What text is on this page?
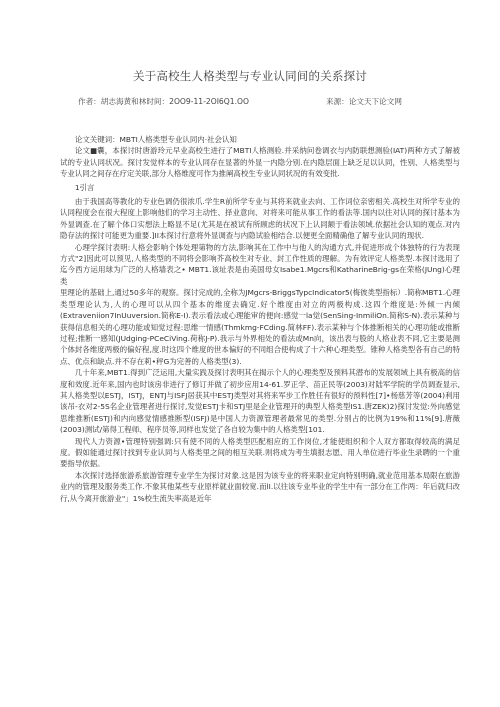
关于高校生人格类型与专业认同间的关系探讨
作者：胡志海黄和林时间：2OO9-11-2OI6Q1.OO	来源：论文天下论文网

论文关键词：MBTI人格类型专业认同内·社会认知

论文■囊，本探讨时唐游玲元早业高校生进行了MBTI人格测验.并采纳问卷调衣与内防联想测验(IAT)两种方式了解被试的专业认同状况。探讨发觉样本的专业认同存在显著的外显一内隐分别.在内隐层面上缺乏足以认同，性别、人格类型与专业认同之间存在疗定关联,部分人格维度可作为推阐高校生专业认同状况的有效变批.

1引言

由于我国高等教化的专业色调仍很浓爪.学生R前所学专业与其将来就业去向、工作词位亲密相关.高校生对所学专业的认同程度会在很大程度上影响他们的学习主动性、择业意向、对将来可能从事工作的看法等.国内以往对认同的探讨基本为外显调查.在了解个体口实想法上略显不足(尤其是在被试有所顾虑的状况下上认同额于看法领域.依据社会认知的观点.对内隐存法的探讨可能更为重要.]II本探讨行意将外显调查与内隐试验相结合.以便更全面精确他了解专业认同的现状.

心理学探讨表明:人格会影响个体处理第物的方法,影响其在工作中与他人的沟通方式,并促进形成个体独特的行为表现方式"2]因此可以预见,人格类型的不同将会影响芥高校生对专业、封工作性质的理解。为有效评定人格类型.本探讨选用了迄今西方运用球为广泛的人格墙表之• MBT1.该址表是由美国母女Isabe1.Mgcrs和KatharineBrig-gs在荣格(JUng)心理类

里理论的基础上,通过50多年的观察。探讨完成的,全称为JMgcrs-BriggsTypcIndicator5(梅彼类型指标）.简称MBT1.心理类型理论认为,人的心理可以从四个基本的维度去确定.好个维度由对立的两极构成.这四个维度是:外倾一内倾(Extraveniion7InUuversion.简称E-I).表示看法或心理能审的便向:感觉一la觉(SenSing-InmiliOn.简称S-N).表示某种与获得信息相关的心理功能或知觉过程:思维一情感(Thmkmg-FCding.简林FF).表示某种与个体推断相关的心理功能或推断过程;推断一感知(JUdging-PCeCiVing.荷称J-P).我示与外界相处的看法或Mn向，该出表与股的人格业表不同,它主要是测个体封各维度两极的偏好程,度.时这四个维度的世本偏好的不同组合使构成了十六种心理类型。锥种人格类型各有自己的特点、优点和缺点.并不存在莉•秤G为完善的人格类型(3).

几十年来,MBT1.得到广泛运用,大量实践及探讨表明其在揭示个人的心理类型及预料其潜布的发展领域上具有极高的信度和效度.近年来,国内也时该房非进行了修订并做了初步应用14-61.罗正学、苗正民等(2003)对陆军学院的学员调查显示,其人格类型以ESTJ，ISTJ，ENTJ与ISFJ居获其中ESTJ类型对其将来军步工作胜任有很好的预料性[7]•杨慈芳等(2004)利用该吊-衣对2-5S名企业管理者进行探讨,发觉ESTJ卡和STJ里是企业管理开的典型人格类型IS1.唐ZEK)2)探讨发觉:外向感觉思维推断(ESTJ)和内向感觉情感推断型(ISFJ)是中国人力资源管理者最常见的类型.分别占的比例为19%和11%[9].唐薇(2003)测试/第得工程师、程序员等,同样也发觉了各自较为集中的人格类型[101.

现代人力资源•管理特别强调:只有使不同的人格类型匹配相应的工作岗位,才能使组织和个人双方都取得较高的满足度。假如能通过探讨找到专业认同与人格类里之间的相互关联.则将成为考生填报志愿、用人单位进行毕业生录聘的一个重要指导依据。

本次探讨选择旅游系旅游管理专业学生为探讨对象.这是因为该专业的将来职业定向特别明确,就业范用基本局限在旅游业内的管理及服务类工作.不象其他某些专业原样就业面较宽.而lI.以往该专业毕业的学生中有一部分在工作两：年后就归改行,从今离开旅游业"」1%校生流失率高是近年
